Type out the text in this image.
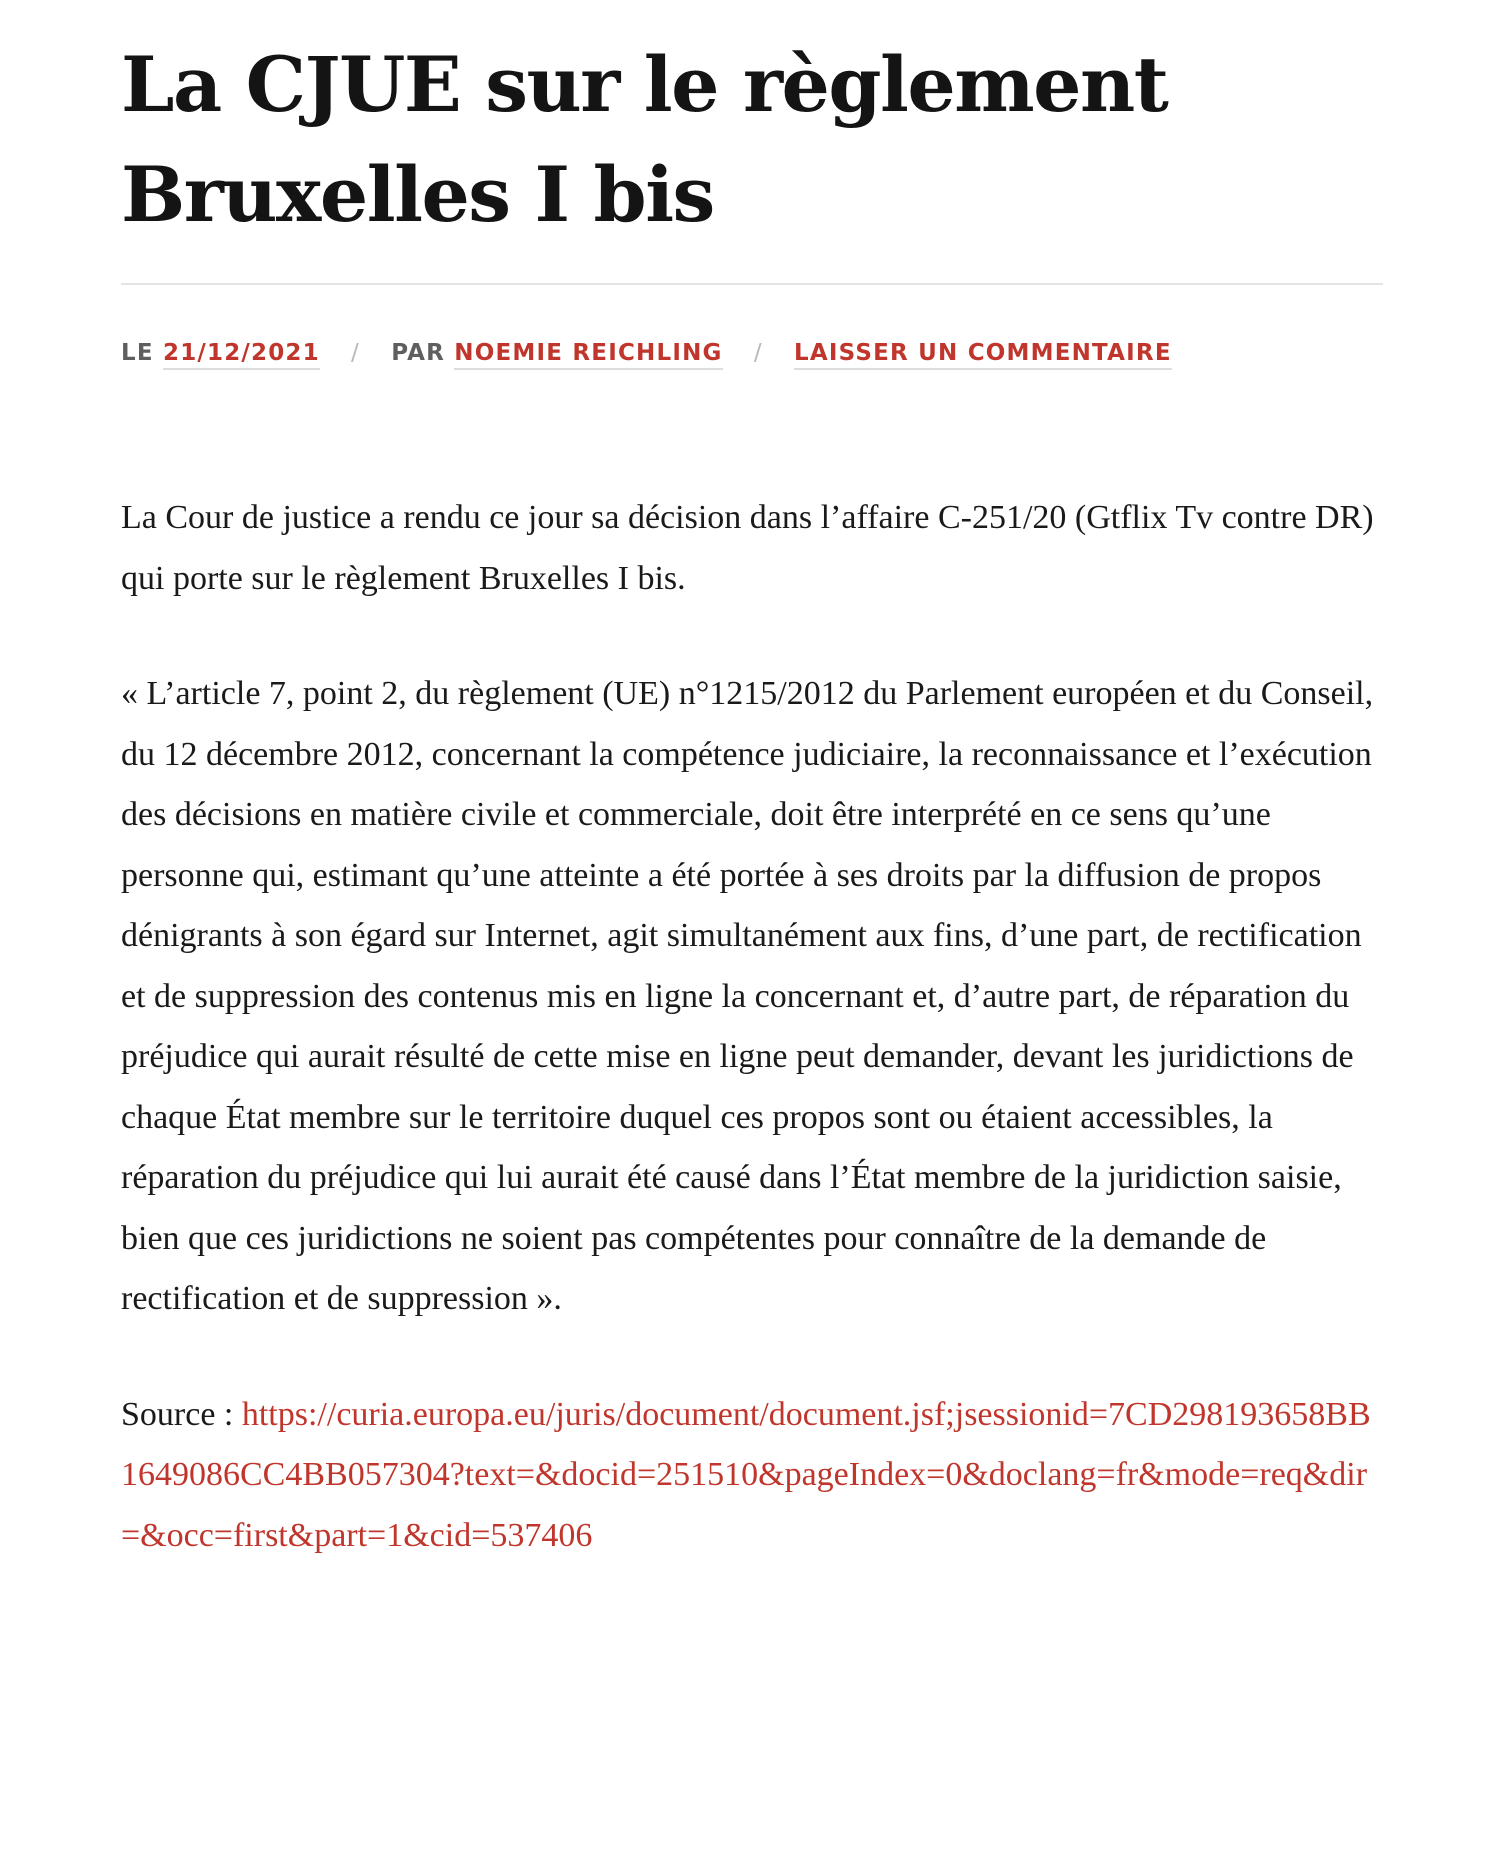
La CJUE sur le règlement
Bruxelles I bis
LE 21/12/2021 / PAR NOEMIE REICHLING / LAISSER UN COMMENTAIRE

La Cour de justice a rendu ce jour sa décision dans l’affaire C-251/20 (Gtflix Tv contre DR) qui porte sur le règlement Bruxelles I bis.

« L’article 7, point 2, du règlement (UE) n°1215/2012 du Parlement européen et du Conseil, du 12 décembre 2012, concernant la compétence judiciaire, la reconnaissance et l’exécution des décisions en matière civile et commerciale, doit être interprété en ce sens qu’une personne qui, estimant qu’une atteinte a été portée à ses droits par la diffusion de propos dénigrants à son égard sur Internet, agit simultanément aux fins, d’une part, de rectification et de suppression des contenus mis en ligne la concernant et, d’autre part, de réparation du préjudice qui aurait résulté de cette mise en ligne peut demander, devant les juridictions de chaque État membre sur le territoire duquel ces propos sont ou étaient accessibles, la réparation du préjudice qui lui aurait été causé dans l’État membre de la juridiction saisie, bien que ces juridictions ne soient pas compétentes pour connaître de la demande de rectification et de suppression ».

Source : https://curia.europa.eu/juris/document/document.jsf;jsessionid=7CD298193658BB1649086CC4BB057304?text=&docid=251510&pageIndex=0&doclang=fr&mode=req&dir=&occ=first&part=1&cid=537406
